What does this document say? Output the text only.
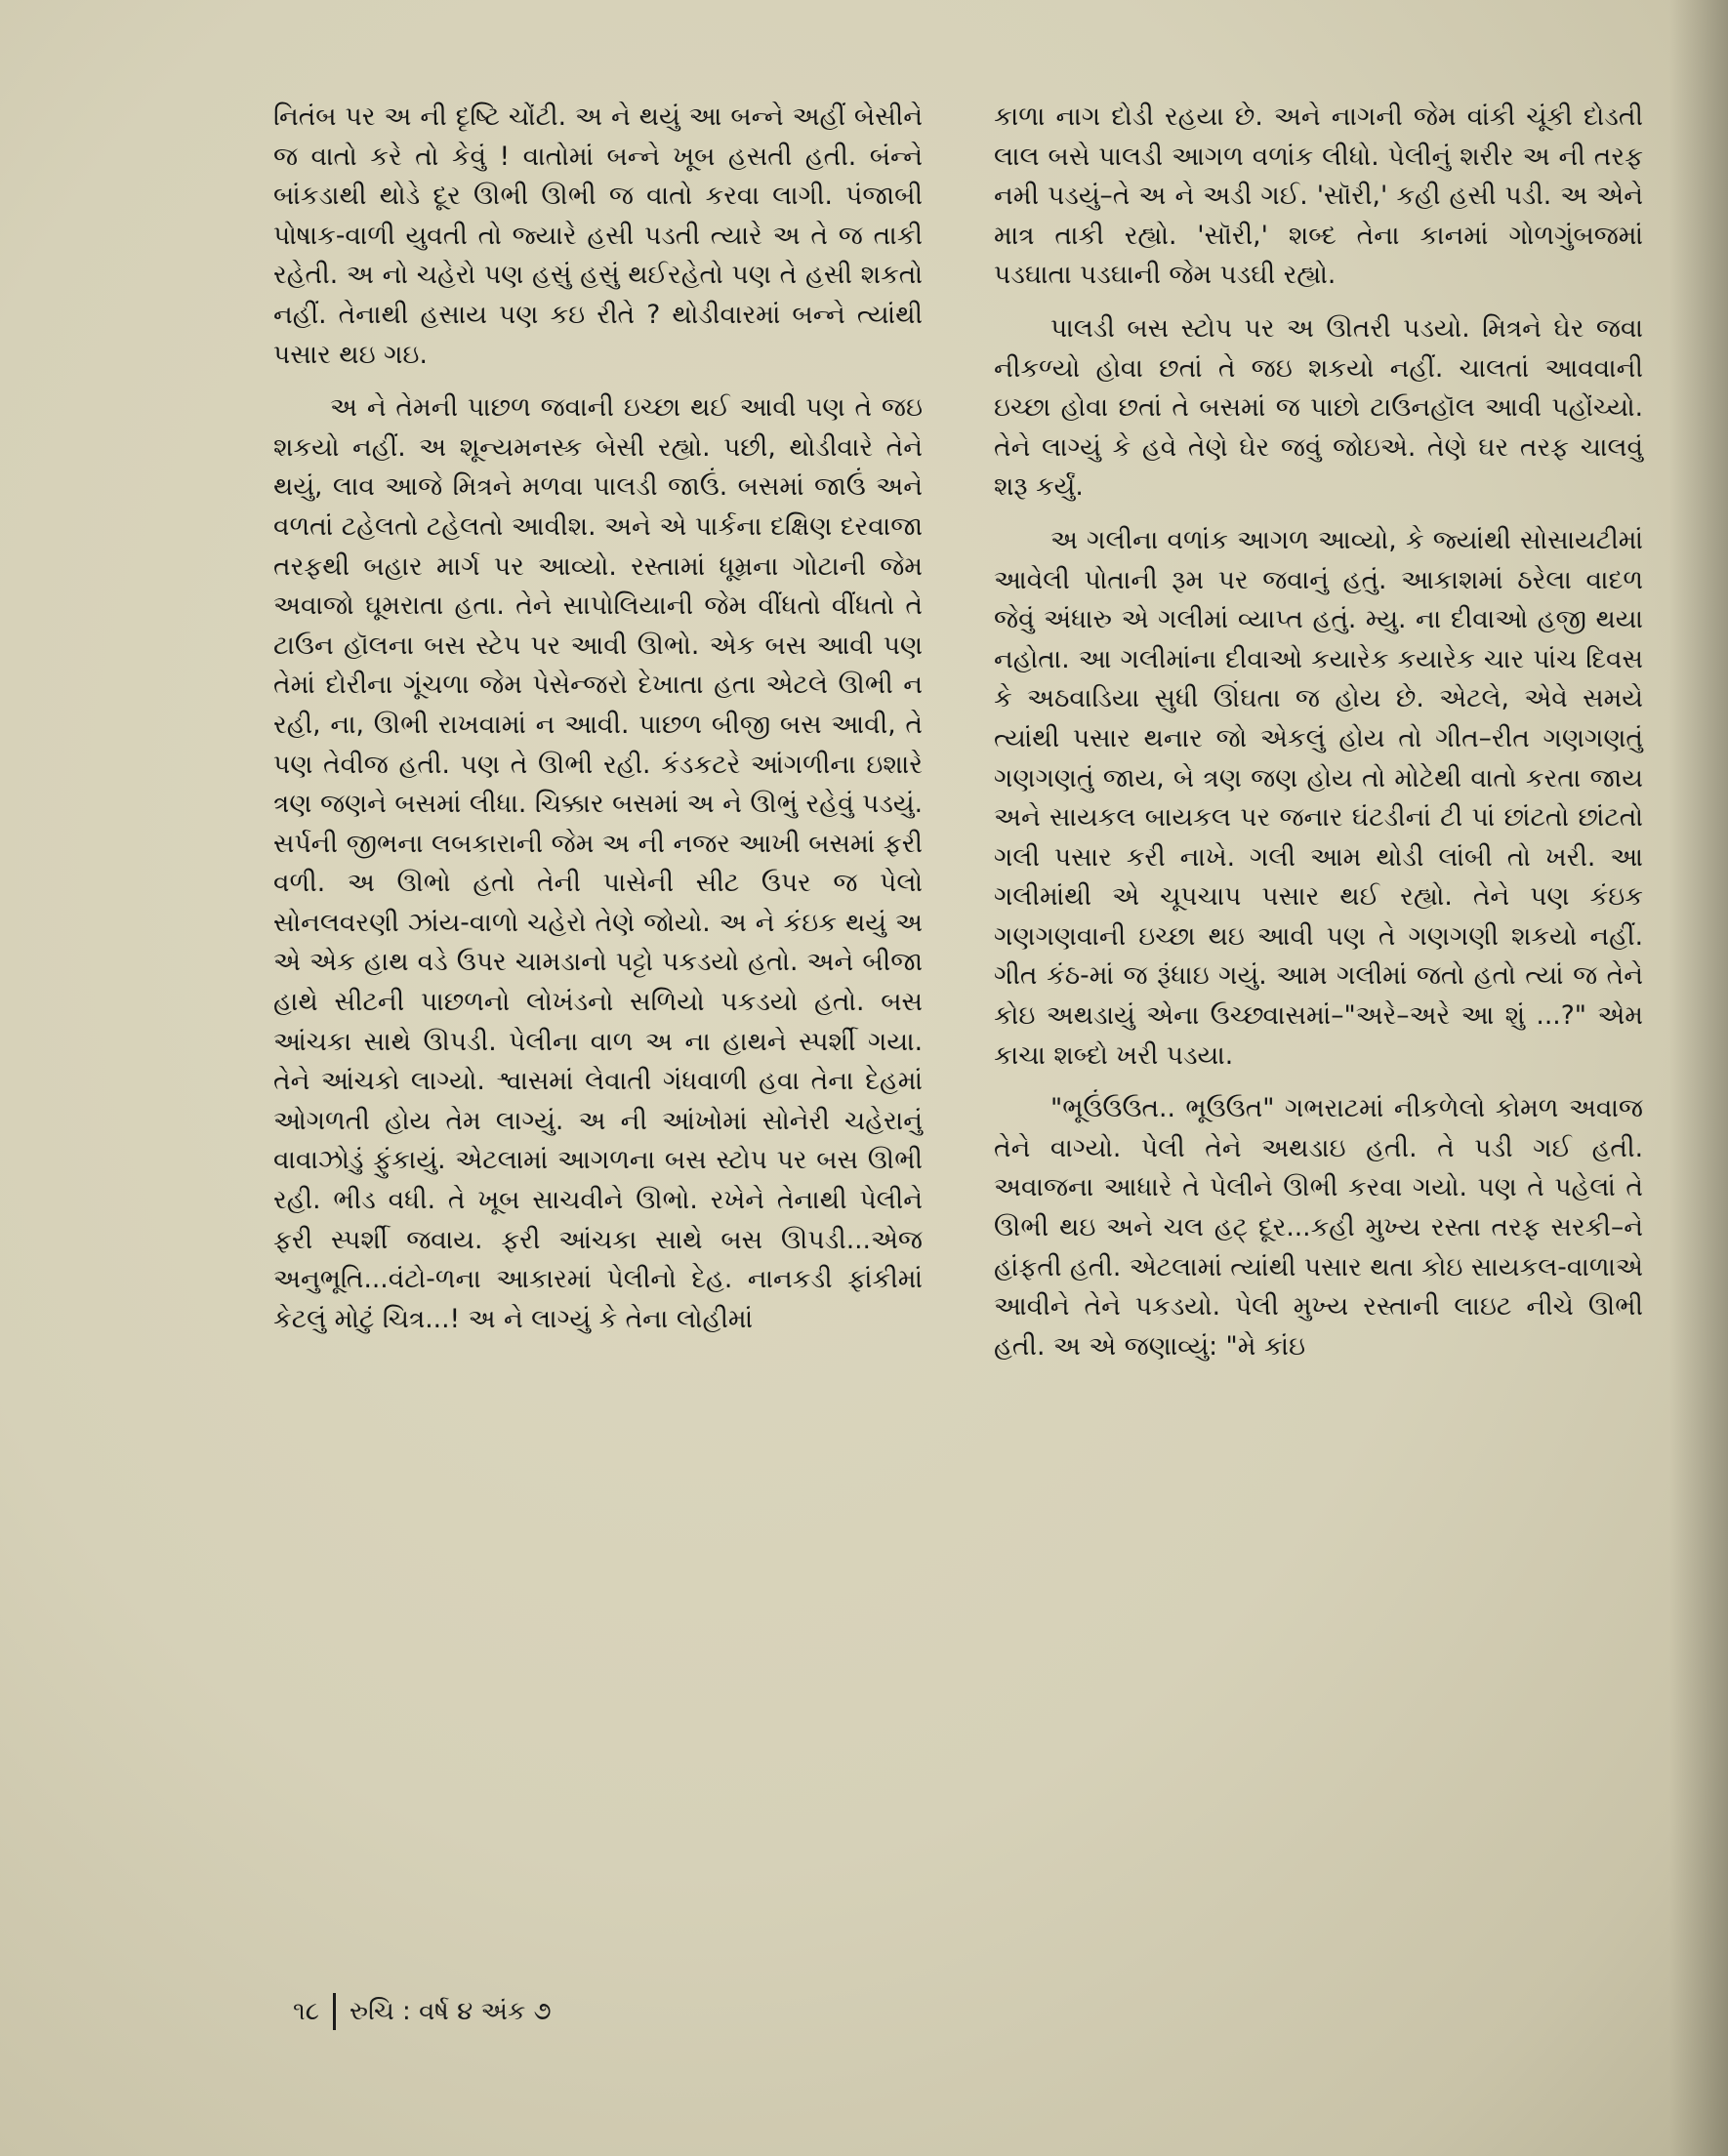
નિતંબ પર અ ની દૃષ્ટિ ચોંટી. અ ને થયું આ બન્ને અહીં બેસીને જ વાતો કરે તો કેવું ! વાતોમાં બન્ને ખૂબ હસતી હતી. બંન્ને બાંકડાથી થોડે દૂર ઊભી ઊભી જ વાતો કરવા લાગી. પંજાબી પોષાક-વાળી યુવતી તો જ્યારે હસી પડતી ત્યારે અ તે જ તાકી રહેતી. અ નો ચહેરો પણ હસું હસું થઈરહેતો પણ તે હસી શકતો નહીં. તેનાથી હસાય પણ કઇ રીતે ? થોડીવારમાં બન્ને ત્યાંથી પસાર થઇ ગઇ.

અ ને તેમની પાછળ જવાની ઇચ્છા થઈ આવી પણ તે જઇ શકયો નહીં. અ શૂન્યમનસ્ક બેસી રહ્યો. પછી, થોડીવારે તેને થયું, લાવ આજે મિત્રને મળવા પાલડી જાઉં. બસમાં જાઉં અને વળતાં ટહેલતો ટહેલતો આવીશ. અને એ પાર્કના દક્ષિણ દરવાજા તરફથી બહાર માર્ગ પર આવ્યો. રસ્તામાં ધૂમ્રના ગોટાની જેમ અવાજો ઘૂમરાતા હતા. તેને સાપોલિયાની જેમ વીંધતો વીંધતો તે ટાઉન હૉલના બસ સ્ટેપ પર આવી ઊભો. એક બસ આવી પણ તેમાં દોરીના ગૂંચળા જેમ પેસેન્જરો દેખાતા હતા એટલે ઊભી ન રહી, ના, ઊભી રાખવામાં ન આવી. પાછળ બીજી બસ આવી, તે પણ તેવીજ હતી. પણ તે ઊભી રહી. કંડકટરે આંગળીના ઇશારે ત્રણ જણને બસમાં લીધા. ચિક્કાર બસમાં અ ને ઊભું રહેવું પડયું. સર્પની જીભના લબકારાની જેમ અ ની નજર આખી બસમાં ફરી વળી. અ ઊભો હતો તેની પાસેની સીટ ઉપર જ પેલો સોનલવરણી ઝાંય-વાળો ચહેરો તેણે જોયો. અ ને કંઇક થયું અ એ એક હાથ વડે ઉપર ચામડાનો પટ્ટો પકડયો હતો. અને બીજા હાથે સીટની પાછળનો લોખંડનો સળિયો પકડયો હતો. બસ આંચકા સાથે ઊપડી. પેલીના વાળ અ ના હાથને સ્પર્શી ગયા. તેને આંચકો લાગ્યો. શ્વાસમાં લેવાતી ગંધવાળી હવા તેના દેહમાં ઓગળતી હોય તેમ લાગ્યું. અ ની આંખોમાં સોનેરી ચહેરાનું વાવાઝોડું ફુંકાયું. એટલામાં આગળના બસ સ્ટોપ પર બસ ઊભી રહી. ભીડ વધી. તે ખૂબ સાચવીને ઊભો. રખેને તેનાથી પેલીને ફરી સ્પર્શી જવાય. ફરી આંચકા સાથે બસ ઊપડી...એજ અનુભૂતિ...વંટો-ળના આકારમાં પેલીનો દેહ. નાનકડી ફાંકીમાં કેટલું મોટું ચિત્ર...! અ ને લાગ્યું કે તેના લોહીમાં

કાળા નાગ દોડી રહયા છે. અને નાગની જેમ વાંકી ચૂંકી દોડતી લાલ બસે પાલડી આગળ વળાંક લીધો. પેલીનું શરીર અ ની તરફ નમી પડયું–તે અ ને અડી ગઈ. 'સૉરી,' કહી હસી પડી. અ એને માત્ર તાકી રહ્યો. 'સૉરી,' શબ્દ તેના કાનમાં ગોળગુંબજમાં પડઘાતા પડઘાની જેમ પડઘી રહ્યો.

પાલડી બસ સ્ટોપ પર અ ઊતરી પડયો. મિત્રને ઘેર જવા નીકળ્યો હોવા છતાં તે જઇ શકયો નહીં. ચાલતાં આવવાની ઇચ્છા હોવા છતાં તે બસમાં જ પાછો ટાઉનહૉલ આવી પહોંચ્યો. તેને લાગ્યું કે હવે તેણે ઘેર જવું જોઇએ. તેણે ઘર તરફ ચાલવું શરૂ કર્યું.

અ ગલીના વળાંક આગળ આવ્યો, કે જ્યાંથી સોસાયટીમાં આવેલી પોતાની રૂમ પર જવાનું હતું. આકાશમાં ઠરેલા વાદળ જેવું અંધારુ એ ગલીમાં વ્યાપ્ત હતું. મ્યુ. ના દીવાઓ હજી થયા નહોતા. આ ગલીમાંના દીવાઓ કયારેક કયારેક ચાર પાંચ દિવસ કે અઠવાડિયા સુધી ઊંઘતા જ હોય છે. એટલે, એવે સમયે ત્યાંથી પસાર થનાર જો એકલું હોય તો ગીત–રીત ગણગણતું ગણગણતું જાય, બે ત્રણ જણ હોય તો મોટેથી વાતો કરતા જાય અને સાયકલ બાયકલ પર જનાર ઘંટડીનાં ટી પાં છાંટતો છાંટતો ગલી પસાર કરી નાખે. ગલી આમ થોડી લાંબી તો ખરી. આ ગલીમાંથી એ ચૂપચાપ પસાર થઈ રહ્યો. તેને પણ કંઇક ગણગણવાની ઇચ્છા થઇ આવી પણ તે ગણગણી શકયો નહીં. ગીત કંઠ-માં જ રૂંધાઇ ગયું. આમ ગલીમાં જતો હતો ત્યાં જ તેને કોઇ અથડાયું એના ઉચ્છ્વાસમાં–"અરે–અરે આ શું ...?" એમ કાચા શબ્દો ખરી પડયા.

"ભૂઉંઉઉત.. ભૂઉઉત" ગભરાટમાં નીકળેલો કોમળ અવાજ તેને વાગ્યો. પેલી તેને અથડાઇ હતી. તે પડી ગઈ હતી. અવાજના આધારે તે પેલીને ઊભી કરવા ગયો. પણ તે પહેલાં તે ઊભી થઇ અને ચલ હટ્ દૂર...કહી મુખ્ય રસ્તા તરફ સરકી–ને હાંફતી હતી. એટલામાં ત્યાંથી પસાર થતા કોઇ સાયકલ-વાળાએ આવીને તેને પકડયો. પેલી મુખ્ય રસ્તાની લાઇટ નીચે ઊભી હતી. અ એ જણાવ્યું: "મે કાંઇ

૧૮ રુચિ : વર્ષ ૪ અંક ૭
